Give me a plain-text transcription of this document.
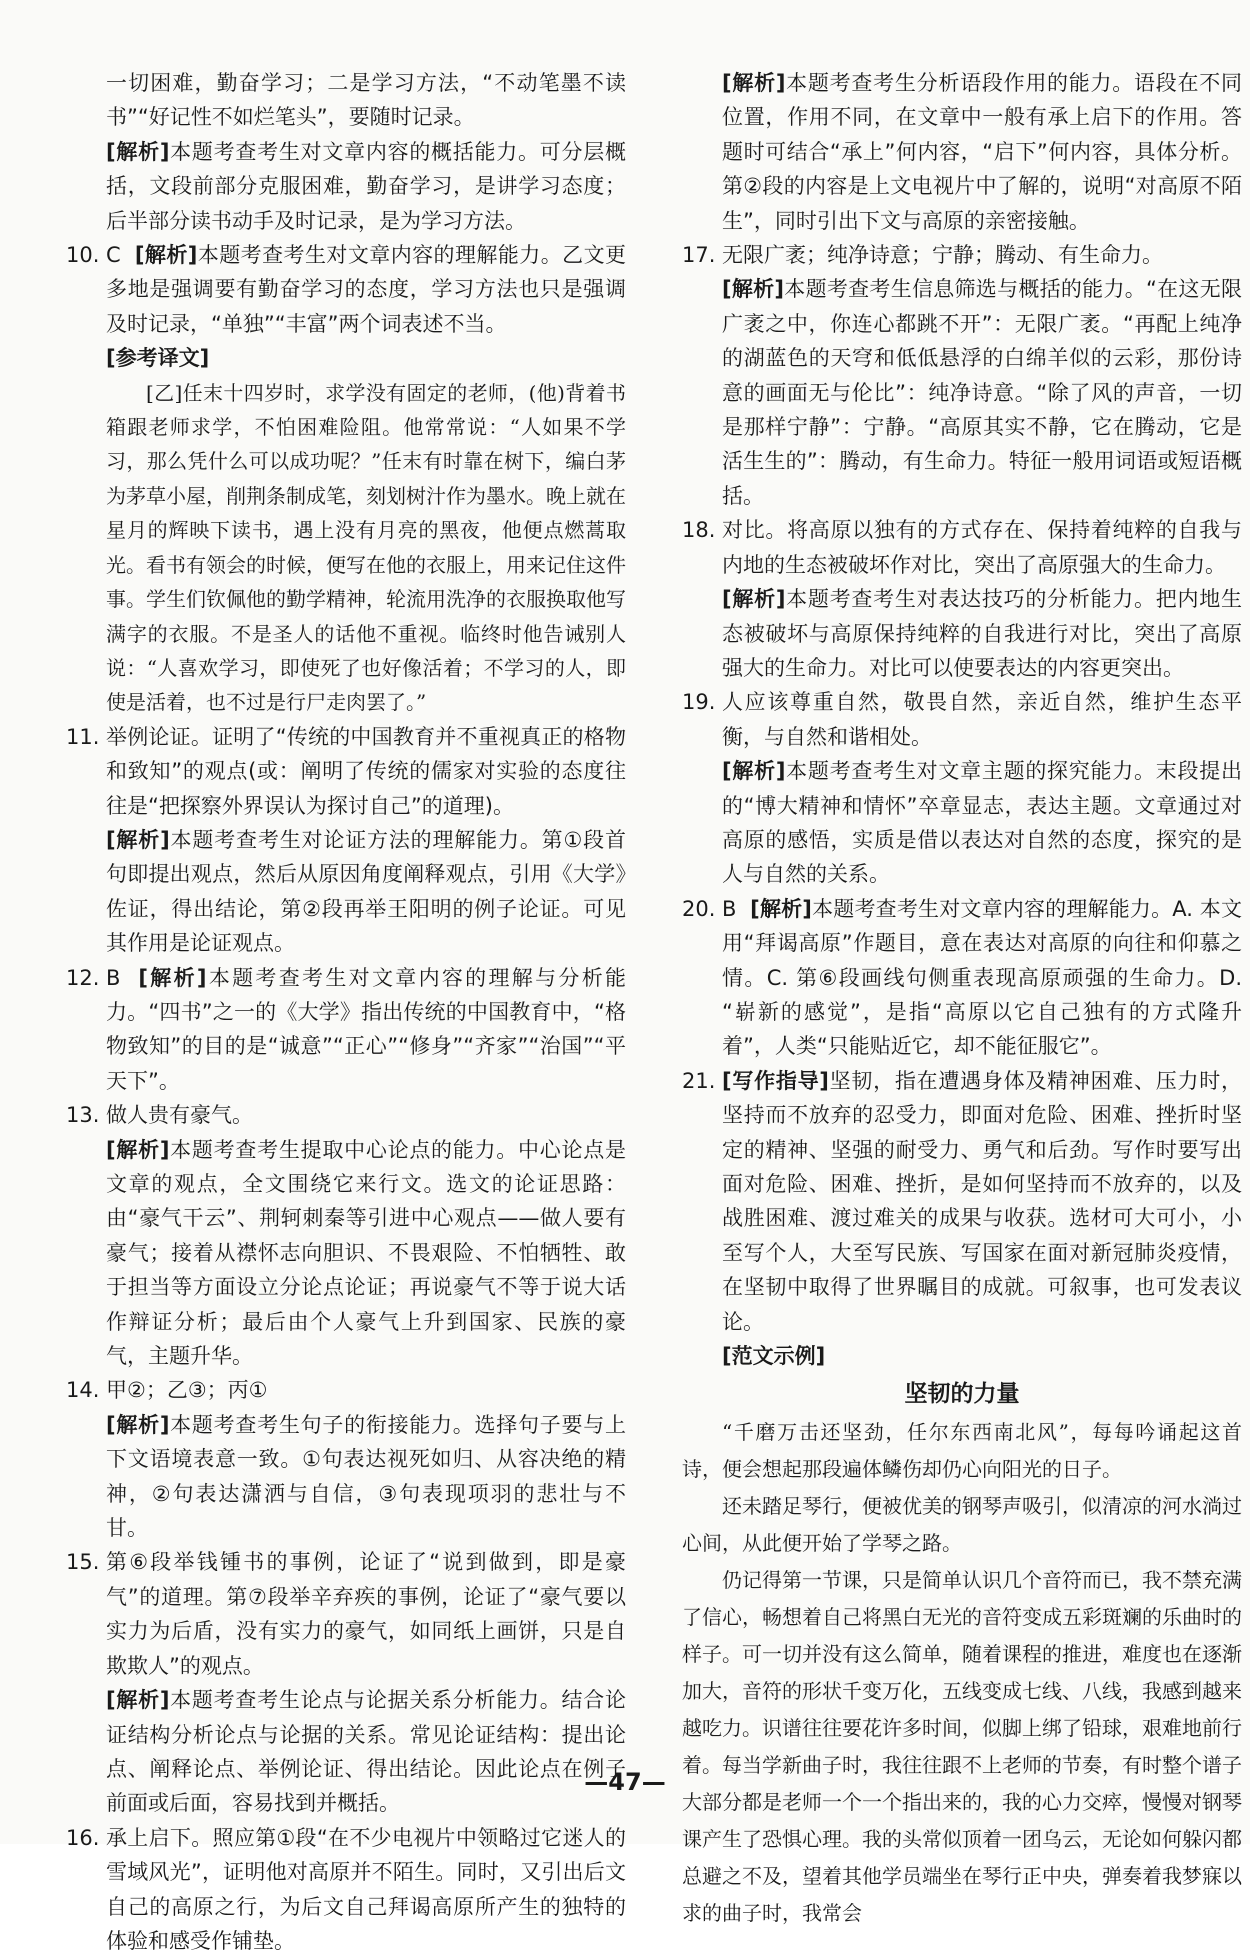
一切困难，勤奋学习；二是学习方法，“不动笔墨不读书”“好记性不如烂笔头”，要随时记录。

[解析]本题考查考生对文章内容的概括能力。可分层概括，文段前部分克服困难，勤奋学习，是讲学习态度；后半部分读书动手及时记录，是为学习方法。

10. C [解析]本题考查考生对文章内容的理解能力。乙文更多地是强调要有勤奋学习的态度，学习方法也只是强调及时记录，“单独”“丰富”两个词表述不当。

[参考译文]

[乙]任末十四岁时，求学没有固定的老师，(他)背着书箱跟老师求学，不怕困难险阻。他常常说：“人如果不学习，那么凭什么可以成功呢？”任末有时靠在树下，编白茅为茅草小屋，削荆条制成笔，刻划树汁作为墨水。晚上就在星月的辉映下读书，遇上没有月亮的黑夜，他便点燃蒿取光。看书有领会的时候，便写在他的衣服上，用来记住这件事。学生们钦佩他的勤学精神，轮流用洗净的衣服换取他写满字的衣服。不是圣人的话他不重视。临终时他告诫别人说：“人喜欢学习，即使死了也好像活着；不学习的人，即使是活着，也不过是行尸走肉罢了。”

11. 举例论证。证明了“传统的中国教育并不重视真正的格物和致知”的观点(或：阐明了传统的儒家对实验的态度往往是“把探察外界误认为探讨自己”的道理)。

[解析]本题考查考生对论证方法的理解能力。第①段首句即提出观点，然后从原因角度阐释观点，引用《大学》佐证，得出结论，第②段再举王阳明的例子论证。可见其作用是论证观点。

12. B [解析]本题考查考生对文章内容的理解与分析能力。“四书”之一的《大学》指出传统的中国教育中，“格物致知”的目的是“诚意”“正心”“修身”“齐家”“治国”“平天下”。
13. 做人贵有豪气。

[解析]本题考查考生提取中心论点的能力。中心论点是文章的观点，全文围绕它来行文。选文的论证思路：由“豪气干云”、荆轲刺秦等引进中心观点——做人要有豪气；接着从襟怀志向胆识、不畏艰险、不怕牺牲、敢于担当等方面设立分论点论证；再说豪气不等于说大话作辩证分析；最后由个人豪气上升到国家、民族的豪气，主题升华。

14. 甲②；乙③；丙①

[解析]本题考查考生句子的衔接能力。选择句子要与上下文语境表意一致。①句表达视死如归、从容决绝的精神，②句表达潇洒与自信，③句表现项羽的悲壮与不甘。

15. 第⑥段举钱锺书的事例，论证了“说到做到，即是豪气”的道理。第⑦段举辛弃疾的事例，论证了“豪气要以实力为后盾，没有实力的豪气，如同纸上画饼，只是自欺欺人”的观点。

[解析]本题考查考生论点与论据关系分析能力。结合论证结构分析论点与论据的关系。常见论证结构：提出论点、阐释论点、举例论证、得出结论。因此论点在例子前面或后面，容易找到并概括。

16. 承上启下。照应第①段“在不少电视片中领略过它迷人的雪域风光”，证明他对高原并不陌生。同时，又引出后文自己的高原之行，为后文自己拜谒高原所产生的独特的体验和感受作铺垫。

[解析]本题考查考生分析语段作用的能力。语段在不同位置，作用不同，在文章中一般有承上启下的作用。答题时可结合“承上”何内容，“启下”何内容，具体分析。第②段的内容是上文电视片中了解的，说明“对高原不陌生”，同时引出下文与高原的亲密接触。

17. 无限广袤；纯净诗意；宁静；腾动、有生命力。

[解析]本题考查考生信息筛选与概括的能力。“在这无限广袤之中，你连心都跳不开”：无限广袤。“再配上纯净的湖蓝色的天穹和低低悬浮的白绵羊似的云彩，那份诗意的画面无与伦比”：纯净诗意。“除了风的声音，一切是那样宁静”：宁静。“高原其实不静，它在腾动，它是活生生的”：腾动，有生命力。特征一般用词语或短语概括。

18. 对比。将高原以独有的方式存在、保持着纯粹的自我与内地的生态被破坏作对比，突出了高原强大的生命力。

[解析]本题考查考生对表达技巧的分析能力。把内地生态被破坏与高原保持纯粹的自我进行对比，突出了高原强大的生命力。对比可以使要表达的内容更突出。

19. 人应该尊重自然，敬畏自然，亲近自然，维护生态平衡，与自然和谐相处。

[解析]本题考查考生对文章主题的探究能力。末段提出的“博大精神和情怀”卒章显志，表达主题。文章通过对高原的感悟，实质是借以表达对自然的态度，探究的是人与自然的关系。

20. B [解析]本题考查考生对文章内容的理解能力。A. 本文用“拜谒高原”作题目，意在表达对高原的向往和仰慕之情。C. 第⑥段画线句侧重表现高原顽强的生命力。D. “崭新的感觉”，是指“高原以它自己独有的方式隆升着”，人类“只能贴近它，却不能征服它”。
21. [写作指导]坚韧，指在遭遇身体及精神困难、压力时，坚持而不放弃的忍受力，即面对危险、困难、挫折时坚定的精神、坚强的耐受力、勇气和后劲。写作时要写出面对危险、困难、挫折，是如何坚持而不放弃的，以及战胜困难、渡过难关的成果与收获。选材可大可小，小至写个人，大至写民族、写国家在面对新冠肺炎疫情，在坚韧中取得了世界瞩目的成就。可叙事，也可发表议论。

[范文示例]

坚韧的力量

“千磨万击还坚劲，任尔东西南北风”，每每吟诵起这首诗，便会想起那段遍体鳞伤却仍心向阳光的日子。

还未踏足琴行，便被优美的钢琴声吸引，似清凉的河水淌过心间，从此便开始了学琴之路。

仍记得第一节课，只是简单认识几个音符而已，我不禁充满了信心，畅想着自己将黑白无光的音符变成五彩斑斓的乐曲时的样子。可一切并没有这么简单，随着课程的推进，难度也在逐渐加大，音符的形状千变万化，五线变成七线、八线，我感到越来越吃力。识谱往往要花许多时间，似脚上绑了铅球，艰难地前行着。每当学新曲子时，我往往跟不上老师的节奏，有时整个谱子大部分都是老师一个一个指出来的，我的心力交瘁，慢慢对钢琴课产生了恐惧心理。我的头常似顶着一团乌云，无论如何躲闪都总避之不及，望着其他学员端坐在琴行正中央，弹奏着我梦寐以求的曲子时，我常会

—47—
